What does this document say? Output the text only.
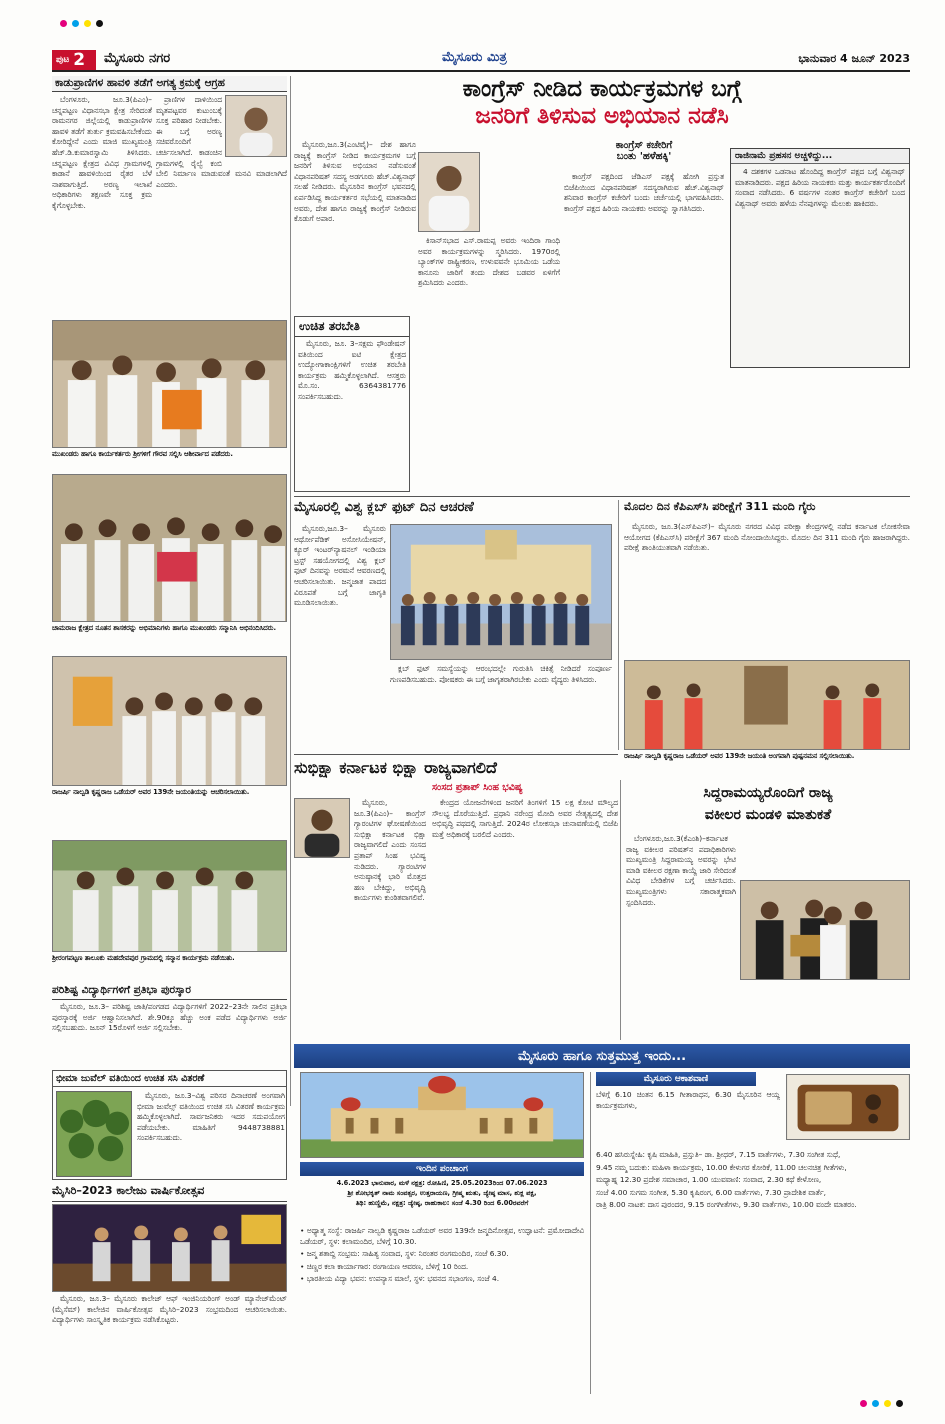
ಪುಟ 2 ಮೈಸೂರು ನಗರ	ಮೈಸೂರು ಮಿತ್ರ	ಭಾನುವಾರ 4 ಜೂನ್ 2023
ಕಾಡುಪ್ರಾಣಿಗಳ ಹಾವಳಿ ತಡೆಗೆ ಅಗತ್ಯ ಕ್ರಮಕ್ಕೆ ಆಗ್ರಹ

ಬೆಂಗಳೂರು, ಜೂ.3(ಪಿಎಂ)– ಚನ್ನಪಟ್ಟಣ ವಿಧಾನಸಭಾ ಕ್ಷೇತ್ರ ಸೇರಿದಂತೆ ರಾಮನಗರ ಜಿಲ್ಲೆಯಲ್ಲಿ ಕಾಡುಪ್ರಾಣಿಗಳ ಹಾವಳಿ ತಡೆಗೆ ತುರ್ತು ಕ್ರಮವಹಿಸಬೇಕೆಂದು ಕೋರಿದ್ದೇನೆ ಎಂದು ಮಾಜಿ ಮುಖ್ಯಮಂತ್ರಿ ಹೆಚ್.ಡಿ.ಕುಮಾರಸ್ವಾಮಿ ತಿಳಿಸಿದರು. ಚನ್ನಪಟ್ಟಣ ಕ್ಷೇತ್ರದ ವಿವಿಧ ಗ್ರಾಮಗಳಲ್ಲಿ ಕಾಡಾನೆ ಹಾವಳಿಯಿಂದ ರೈತರ ಬೆಳೆ ನಾಶವಾಗುತ್ತಿದೆ. ಅರಣ್ಯ ಇಲಾಖೆ ಅಧಿಕಾರಿಗಳು ತಕ್ಷಣವೇ ಸೂಕ್ತ ಕ್ರಮ ಕೈಗೊಳ್ಳಬೇಕು.

ಪ್ರಾಣಿಗಳ ದಾಳಿಯಿಂದ ಮೃತಪಟ್ಟವರ ಕುಟುಂಬಕ್ಕೆ ಸೂಕ್ತ ಪರಿಹಾರ ನೀಡಬೇಕು. ಈ ಬಗ್ಗೆ ಅರಣ್ಯ ಸಚಿವರೊಂದಿಗೆ ಚರ್ಚಿಸಲಾಗಿದೆ. ಕಾಡಂಚಿನ ಗ್ರಾಮಗಳಲ್ಲಿ ರೈಲ್ವೆ ಕಂಬಿ ಬೇಲಿ ನಿರ್ಮಾಣ ಮಾಡುವಂತೆ ಮನವಿ ಮಾಡಲಾಗಿದೆ ಎಂದರು.

ಕಾಂಗ್ರೆಸ್ ನೀಡಿದ ಕಾರ್ಯಕ್ರಮಗಳ ಬಗ್ಗೆ
ಜನರಿಗೆ ತಿಳಿಸುವ ಅಭಿಯಾನ ನಡೆಸಿ

ಮೈಸೂರು,ಜೂ.3(ಎಂಟಿವೈ)– ದೇಶ ಹಾಗೂ ರಾಜ್ಯಕ್ಕೆ ಕಾಂಗ್ರೆಸ್ ನೀಡಿದ ಕಾರ್ಯಕ್ರಮಗಳ ಬಗ್ಗೆ ಜನರಿಗೆ ತಿಳಿಸುವ ಅಭಿಯಾನ ನಡೆಸುವಂತೆ ವಿಧಾನಪರಿಷತ್ ಸದಸ್ಯ ಅಡಗೂರು ಹೆಚ್.ವಿಶ್ವನಾಥ್ ಸಲಹೆ ನೀಡಿದರು. ಮೈಸೂರಿನ ಕಾಂಗ್ರೆಸ್ ಭವನದಲ್ಲಿ ಏರ್ಪಡಿಸಿದ್ದ ಕಾರ್ಯಕರ್ತರ ಸಭೆಯಲ್ಲಿ ಮಾತನಾಡಿದ ಅವರು, ದೇಶ ಹಾಗೂ ರಾಜ್ಯಕ್ಕೆ ಕಾಂಗ್ರೆಸ್ ನೀಡಿರುವ ಕೊಡುಗೆ ಅಪಾರ.

ಕಿಸಾನ್‌ಸಭಾದ ಎಸ್.ರಾಮಪ್ಪ ಅವರು ಇಂದಿರಾ ಗಾಂಧಿ ಅವರ ಕಾರ್ಯಕ್ರಮಗಳನ್ನು ಸ್ಮರಿಸಿದರು. 1970ರಲ್ಲಿ ಬ್ಯಾಂಕ್‌ಗಳ ರಾಷ್ಟ್ರೀಕರಣ, ಉಳುವವನೇ ಭೂಮಿಯ ಒಡೆಯ ಕಾನೂನು ಜಾರಿಗೆ ತಂದು ದೇಶದ ಬಡವರ ಏಳಿಗೆಗೆ ಶ್ರಮಿಸಿದರು ಎಂದರು.

ಕಾಂಗ್ರೆಸ್ ಕಚೇರಿಗೆ
ಬಂತು 'ಹಳೆಹಕ್ಕಿ'

ಕಾಂಗ್ರೆಸ್ ಪಕ್ಷದಿಂದ ಜೆಡಿಎಸ್ ಪಕ್ಷಕ್ಕೆ ಹೋಗಿ ಪ್ರಸ್ತುತ ಬಿಜೆಪಿಯಿಂದ ವಿಧಾನಪರಿಷತ್ ಸದಸ್ಯರಾಗಿರುವ ಹೆಚ್.ವಿಶ್ವನಾಥ್ ಶನಿವಾರ ಕಾಂಗ್ರೆಸ್ ಕಚೇರಿಗೆ ಬಂದು ಚರ್ಚೆಯಲ್ಲಿ ಭಾಗವಹಿಸಿದರು. ಕಾಂಗ್ರೆಸ್ ಪಕ್ಷದ ಹಿರಿಯ ನಾಯಕರು ಅವರನ್ನು ಸ್ವಾಗತಿಸಿದರು.

ರಾಜಿನಾಮೆ ಪ್ರಹಸನ ಅಚ್ಚಳಿದ್ದು...

4 ದಶಕಗಳ ಒಡನಾಟ ಹೊಂದಿದ್ದ ಕಾಂಗ್ರೆಸ್ ಪಕ್ಷದ ಬಗ್ಗೆ ವಿಶ್ವನಾಥ್ ಮಾತನಾಡಿದರು. ಪಕ್ಷದ ಹಿರಿಯ ನಾಯಕರು ಮತ್ತು ಕಾರ್ಯಕರ್ತರೊಂದಿಗೆ ಸಂವಾದ ನಡೆಸಿದರು. 6 ವರ್ಷಗಳ ನಂತರ ಕಾಂಗ್ರೆಸ್ ಕಚೇರಿಗೆ ಬಂದ ವಿಶ್ವನಾಥ್ ಅವರು ಹಳೆಯ ನೆನಪುಗಳನ್ನು ಮೆಲುಕು ಹಾಕಿದರು.

ಮುಖಂಡರು ಹಾಗೂ ಕಾರ್ಯಕರ್ತರು ಶ್ರೀಗಳಿಗೆ ಗೌರವ ಸಲ್ಲಿಸಿ ಆಶೀರ್ವಾದ ಪಡೆದರು.
ಉಚಿತ ತರಬೇತಿ

ಮೈಸೂರು, ಜೂ. 3–ಸಕ್ಷಮ ಫೌಂಡೇಷನ್ ವತಿಯಿಂದ ಐಟಿ ಕ್ಷೇತ್ರದ ಉದ್ಯೋಗಾಕಾಂಕ್ಷಿಗಳಿಗೆ ಉಚಿತ ತರಬೇತಿ ಕಾರ್ಯಕ್ರಮ ಹಮ್ಮಿಕೊಳ್ಳಲಾಗಿದೆ. ಆಸಕ್ತರು ಮೊ.ಸಂ. 6364381776 ಸಂಪರ್ಕಿಸಬಹುದು.

ಚಾಮರಾಜ ಕ್ಷೇತ್ರದ ನೂತನ ಶಾಸಕರನ್ನು ಅಭಿಮಾನಿಗಳು ಹಾಗೂ ಮುಖಂಡರು ಸನ್ಮಾನಿಸಿ ಅಭಿನಂದಿಸಿದರು.
ರಾಜರ್ಷಿ ನಾಲ್ವಡಿ ಕೃಷ್ಣರಾಜ ಒಡೆಯರ್ ಅವರ 139ನೇ ಜಯಂತಿಯನ್ನು ಆಚರಿಸಲಾಯಿತು.
ಶ್ರೀರಂಗಪಟ್ಟಣ ತಾಲೂಕು ಮಹದೇವಪುರ ಗ್ರಾಮದಲ್ಲಿ ಸನ್ಮಾನ ಕಾರ್ಯಕ್ರಮ ನಡೆಯಿತು.
ಪರಿಶಿಷ್ಟ ವಿದ್ಯಾರ್ಥಿಗಳಿಗೆ ಪ್ರತಿಭಾ ಪುರಸ್ಕಾರ

ಮೈಸೂರು, ಜೂ.3– ಪರಿಶಿಷ್ಟ ಜಾತಿ/ಪಂಗಡದ ವಿದ್ಯಾರ್ಥಿಗಳಿಗೆ 2022–23ನೇ ಸಾಲಿನ ಪ್ರತಿಭಾ ಪುರಸ್ಕಾರಕ್ಕೆ ಅರ್ಜಿ ಆಹ್ವಾನಿಸಲಾಗಿದೆ. ಶೇ.90ಕ್ಕೂ ಹೆಚ್ಚು ಅಂಕ ಪಡೆದ ವಿದ್ಯಾರ್ಥಿಗಳು ಅರ್ಜಿ ಸಲ್ಲಿಸಬಹುದು. ಜೂನ್ 15ರೊಳಗೆ ಅರ್ಜಿ ಸಲ್ಲಿಸಬೇಕು.

ಭೀಮಾ ಜುವೆಲ್ ವತಿಯಿಂದ ಉಚಿತ ಸಸಿ ವಿತರಣೆ

ಮೈಸೂರು, ಜೂ.3–ವಿಶ್ವ ಪರಿಸರ ದಿನಾಚರಣೆ ಅಂಗವಾಗಿ ಭೀಮಾ ಜುವೆಲ್ಸ್ ವತಿಯಿಂದ ಉಚಿತ ಸಸಿ ವಿತರಣೆ ಕಾರ್ಯಕ್ರಮ ಹಮ್ಮಿಕೊಳ್ಳಲಾಗಿದೆ. ಸಾರ್ವಜನಿಕರು ಇದರ ಸದುಪಯೋಗ ಪಡೆಯಬೇಕು. ಮಾಹಿತಿಗೆ 9448738881 ಸಂಪರ್ಕಿಸಬಹುದು.

ಮೈಸಿರಿ–2023 ಕಾಲೇಜು ವಾರ್ಷಿಕೋತ್ಸವ

ಮೈಸೂರು, ಜೂ.3– ಮೈಸೂರು ಕಾಲೇಜ್ ಆಫ್ ಇಂಜಿನಿಯರಿಂಗ್ ಅಂಡ್ ಮ್ಯಾನೇಜ್‌ಮೆಂಟ್ (ಮೈಸೆಮ್) ಕಾಲೇಜಿನ ವಾರ್ಷಿಕೋತ್ಸವ ಮೈಸಿರಿ–2023 ಸಂಭ್ರಮದಿಂದ ಆಚರಿಸಲಾಯಿತು. ವಿದ್ಯಾರ್ಥಿಗಳು ಸಾಂಸ್ಕೃತಿಕ ಕಾರ್ಯಕ್ರಮ ನಡೆಸಿಕೊಟ್ಟರು.

ಮೈಸೂರಲ್ಲಿ ವಿಶ್ವ ಕ್ಲಬ್ ಫುಟ್ ದಿನ ಆಚರಣೆ

ಮೈಸೂರು,ಜೂ.3– ಮೈಸೂರು ಆರ್ಥೋಪೆಡಿಕ್ ಅಸೋಸಿಯೇಷನ್, ಕ್ಯೂರ್ ಇಂಟರ್‌ನ್ಯಾಷನಲ್ ಇಂಡಿಯಾ ಟ್ರಸ್ಟ್ ಸಹಯೋಗದಲ್ಲಿ ವಿಶ್ವ ಕ್ಲಬ್ ಫುಟ್ ದಿನವನ್ನು ಅರಮನೆ ಆವರಣದಲ್ಲಿ ಆಚರಿಸಲಾಯಿತು. ಜನ್ಮಜಾತ ಪಾದದ ವಿರೂಪತೆ ಬಗ್ಗೆ ಜಾಗೃತಿ ಮೂಡಿಸಲಾಯಿತು.

ಕ್ಲಬ್ ಫುಟ್ ಸಮಸ್ಯೆಯನ್ನು ಆರಂಭದಲ್ಲೇ ಗುರುತಿಸಿ ಚಿಕಿತ್ಸೆ ನೀಡಿದರೆ ಸಂಪೂರ್ಣ ಗುಣಪಡಿಸಬಹುದು. ಪೋಷಕರು ಈ ಬಗ್ಗೆ ಜಾಗೃತರಾಗಿರಬೇಕು ಎಂದು ವೈದ್ಯರು ತಿಳಿಸಿದರು.

ಮೊದಲ ದಿನ ಕೆಪಿಎಸ್‌ಸಿ ಪರೀಕ್ಷೆಗೆ 311 ಮಂದಿ ಗೈರು

ಮೈಸೂರು, ಜೂ.3(ಎಸ್‌ಪಿಎನ್)– ಮೈಸೂರು ನಗರದ ವಿವಿಧ ಪರೀಕ್ಷಾ ಕೇಂದ್ರಗಳಲ್ಲಿ ನಡೆದ ಕರ್ನಾಟಕ ಲೋಕಸೇವಾ ಆಯೋಗದ (ಕೆಪಿಎಸ್‌ಸಿ) ಪರೀಕ್ಷೆಗೆ 367 ಮಂದಿ ನೋಂದಾಯಿಸಿದ್ದರು. ಮೊದಲ ದಿನ 311 ಮಂದಿ ಗೈರು ಹಾಜರಾಗಿದ್ದರು. ಪರೀಕ್ಷೆ ಶಾಂತಿಯುತವಾಗಿ ನಡೆಯಿತು.

ರಾಜರ್ಷಿ ನಾಲ್ವಡಿ ಕೃಷ್ಣರಾಜ ಒಡೆಯರ್ ಅವರ 139ನೇ ಜಯಂತಿ ಅಂಗವಾಗಿ ಪುಷ್ಪನಮನ ಸಲ್ಲಿಸಲಾಯಿತು.
ಸುಭಿಕ್ಷಾ ಕರ್ನಾಟಕ ಭಿಕ್ಷಾ ರಾಜ್ಯವಾಗಲಿದೆ
ಸಂಸದ ಪ್ರತಾಪ್ ಸಿಂಹ ಭವಿಷ್ಯ

ಮೈಸೂರು, ಜೂ.3(ಪಿಎಂ)– ಕಾಂಗ್ರೆಸ್ ಗ್ಯಾರಂಟಿಗಳ ಘೋಷಣೆಯಿಂದ ಸುಭಿಕ್ಷಾ ಕರ್ನಾಟಕ ಭಿಕ್ಷಾ ರಾಜ್ಯವಾಗಲಿದೆ ಎಂದು ಸಂಸದ ಪ್ರತಾಪ್ ಸಿಂಹ ಭವಿಷ್ಯ ನುಡಿದರು. ಗ್ಯಾರಂಟಿಗಳ ಅನುಷ್ಠಾನಕ್ಕೆ ಭಾರಿ ಮೊತ್ತದ ಹಣ ಬೇಕಿದ್ದು, ಅಭಿವೃದ್ಧಿ ಕಾರ್ಯಗಳು ಕುಂಠಿತವಾಗಲಿವೆ.

ಕೇಂದ್ರದ ಯೋಜನೆಗಳಿಂದ ಜನರಿಗೆ ತಿಂಗಳಿಗೆ 15 ಲಕ್ಷ ಕೋಟಿ ಮೌಲ್ಯದ ಸೌಲಭ್ಯ ದೊರೆಯುತ್ತಿದೆ. ಪ್ರಧಾನಿ ನರೇಂದ್ರ ಮೋದಿ ಅವರ ನೇತೃತ್ವದಲ್ಲಿ ದೇಶ ಅಭಿವೃದ್ಧಿ ಪಥದಲ್ಲಿ ಸಾಗುತ್ತಿದೆ. 2024ರ ಲೋಕಸಭಾ ಚುನಾವಣೆಯಲ್ಲಿ ಬಿಜೆಪಿ ಮತ್ತೆ ಅಧಿಕಾರಕ್ಕೆ ಬರಲಿದೆ ಎಂದರು.

ಸಿದ್ದರಾಮಯ್ಯರೊಂದಿಗೆ ರಾಜ್ಯ
ವಕೀಲರ ಮಂಡಳಿ ಮಾತುಕತೆ

ಬೆಂಗಳೂರು,ಜೂ.3(ಕೆಎಂಶಿ)–ಕರ್ನಾಟಕ ರಾಜ್ಯ ವಕೀಲರ ಪರಿಷತ್‌ನ ಪದಾಧಿಕಾರಿಗಳು ಮುಖ್ಯಮಂತ್ರಿ ಸಿದ್ದರಾಮಯ್ಯ ಅವರನ್ನು ಭೇಟಿ ಮಾಡಿ ವಕೀಲರ ರಕ್ಷಣಾ ಕಾಯ್ದೆ ಜಾರಿ ಸೇರಿದಂತೆ ವಿವಿಧ ಬೇಡಿಕೆಗಳ ಬಗ್ಗೆ ಚರ್ಚಿಸಿದರು. ಮುಖ್ಯಮಂತ್ರಿಗಳು ಸಕಾರಾತ್ಮಕವಾಗಿ ಸ್ಪಂದಿಸಿದರು.

ಮೈಸೂರು ಹಾಗೂ ಸುತ್ತಮುತ್ತ ಇಂದು...
ಇಂದಿನ ಪಂಚಾಂಗ
4.6.2023 ಭಾನುವಾರ, ಮಳೆ ನಕ್ಷತ್ರ: ರೋಹಿಣಿ, 25.05.2023ರಿಂದ 07.06.2023
ಶ್ರೀ ಶೋಭಕೃತ್ ನಾಮ ಸಂವತ್ಸರ, ಉತ್ತರಾಯಣ, ಗ್ರೀಷ್ಮ ಋತು, ಜ್ಯೇಷ್ಠ ಮಾಸ, ಶುಕ್ಲ ಪಕ್ಷ,
ತಿಥಿ: ಹುಣ್ಣಿಮೆ, ನಕ್ಷತ್ರ: ಜ್ಯೇಷ್ಠ, ರಾಹುಕಾಲ: ಸಂಜೆ 4.30 ರಿಂದ 6.00ರವರೆಗೆ

• ಅಧ್ಯಾತ್ಮ ಸಂಸ್ಥೆ: ರಾಜರ್ಷಿ ನಾಲ್ವಡಿ ಕೃಷ್ಣರಾಜ ಒಡೆಯರ್ ಅವರ 139ನೇ ಜನ್ಮದಿನೋತ್ಸವ, ಉದ್ಘಾಟನೆ: ಪ್ರಮೋದಾದೇವಿ ಒಡೆಯರ್, ಸ್ಥಳ: ಕಲಾಮಂದಿರ, ಬೆಳಿಗ್ಗೆ 10.30.

• ಜನ್ಮ ಶತಾಬ್ದಿ ಸಂಭ್ರಮ: ಸಾಹಿತ್ಯ ಸಂವಾದ, ಸ್ಥಳ: ನಿರಂತರ ರಂಗಮಂದಿರ, ಸಂಜೆ 6.30.

• ಚಿಣ್ಣರ ಕಲಾ ಕಾರ್ಯಾಗಾರ: ರಂಗಾಯಣ ಆವರಣ, ಬೆಳಿಗ್ಗೆ 10 ರಿಂದ.

• ಭಾರತೀಯ ವಿದ್ಯಾ ಭವನ: ಉಪನ್ಯಾಸ ಮಾಲೆ, ಸ್ಥಳ: ಭವನದ ಸಭಾಂಗಣ, ಸಂಜೆ 4.

ಮೈಸೂರು ಆಕಾಶವಾಣಿ

ಬೆಳಿಗ್ಗೆ 6.10 ಚಿಂತನ 6.15 ಗೀತಾರಾಧನ, 6.30 ಮೈಸೂರಿನ ಆಯ್ದ ಕಾರ್ಯಕ್ರಮಗಳು,

6.40 ಹಸಿರುಸ್ನೇಹಿ: ಕೃಷಿ ಮಾಹಿತಿ, ಪ್ರಸ್ತುತಿ– ಡಾ. ಶ್ರೀಧರ್, 7.15 ವಾರ್ತೆಗಳು, 7.30 ಸಂಗೀತ ಸುಧೆ,

9.45 ನಮ್ಮ ಬದುಕು: ಮಹಿಳಾ ಕಾರ್ಯಕ್ರಮ, 10.00 ಕೇಳುಗರ ಕೋರಿಕೆ, 11.00 ಚಲನಚಿತ್ರ ಗೀತೆಗಳು,

ಮಧ್ಯಾಹ್ನ 12.30 ಪ್ರದೇಶ ಸಮಾಚಾರ, 1.00 ಯುವವಾಣಿ: ಸಂವಾದ, 2.30 ಕಥೆ ಕೇಳೋಣ,

ಸಂಜೆ 4.00 ಸುಗಮ ಸಂಗೀತ, 5.30 ಕೃಷಿರಂಗ, 6.00 ವಾರ್ತೆಗಳು, 7.30 ಪ್ರಾದೇಶಿಕ ವಾರ್ತೆ,

ರಾತ್ರಿ 8.00 ನಾಟಕ: ದಾಸ ಪುರಂದರ, 9.15 ರಂಗಗೀತೆಗಳು, 9.30 ವಾರ್ತೆಗಳು, 10.00 ವಂದೇ ಮಾತರಂ.
